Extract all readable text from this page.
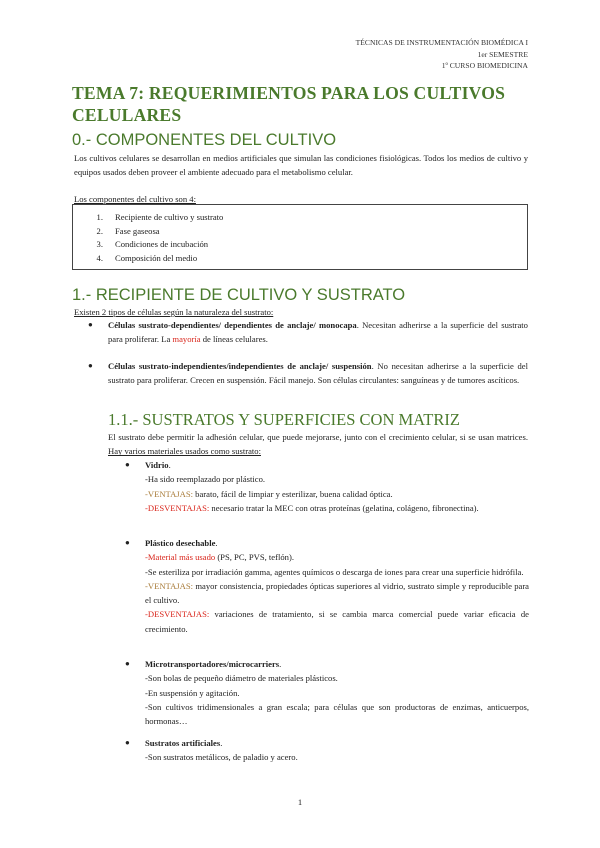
TÉCNICAS DE INSTRUMENTACIÓN BIOMÉDICA I
1er SEMESTRE
1º CURSO BIOMEDICINA
TEMA 7: REQUERIMIENTOS PARA LOS CULTIVOS CELULARES
0.- COMPONENTES DEL CULTIVO
Los cultivos celulares se desarrollan en medios artificiales que simulan las condiciones fisiológicas. Todos los medios de cultivo y equipos usados deben proveer el ambiente adecuado para el metabolismo celular.
Los componentes del cultivo son 4:
1.	Recipiente de cultivo y sustrato
2.	Fase gaseosa
3.	Condiciones de incubación
4.	Composición del medio
1.- RECIPIENTE DE CULTIVO Y SUSTRATO
Existen 2 tipos de células según la naturaleza del sustrato:
● Células sustrato-dependientes/ dependientes de anclaje/ monocapa. Necesitan adherirse a la superficie del sustrato para proliferar. La mayoría de líneas celulares.
● Células sustrato-independientes/independientes de anclaje/ suspensión. No necesitan adherirse a la superficie del sustrato para proliferar. Crecen en suspensión. Fácil manejo. Son células circulantes: sanguíneas y de tumores ascíticos.
1.1.- SUSTRATOS Y SUPERFICIES CON MATRIZ
El sustrato debe permitir la adhesión celular, que puede mejorarse, junto con el crecimiento celular, si se usan matrices. Hay varios materiales usados como sustrato:
● Vidrio.
-Ha sido reemplazado por plástico.
-VENTAJAS: barato, fácil de limpiar y esterilizar, buena calidad óptica.
-DESVENTAJAS: necesario tratar la MEC con otras proteínas (gelatina, colágeno, fibronectina).
● Plástico desechable.
-Material más usado (PS, PC, PVS, teflón).
-Se esteriliza por irradiación gamma, agentes químicos o descarga de iones para crear una superficie hidrófila.
-VENTAJAS: mayor consistencia, propiedades ópticas superiores al vidrio, sustrato simple y reproducible para el cultivo.
-DESVENTAJAS: variaciones de tratamiento, si se cambia marca comercial puede variar eficacia de crecimiento.
● Microtransportadores/microcarriers.
-Son bolas de pequeño diámetro de materiales plásticos.
-En suspensión y agitación.
-Son cultivos tridimensionales a gran escala; para células que son productoras de enzimas, anticuerpos, hormonas…
● Sustratos artificiales.
-Son sustratos metálicos, de paladio y acero.
1
